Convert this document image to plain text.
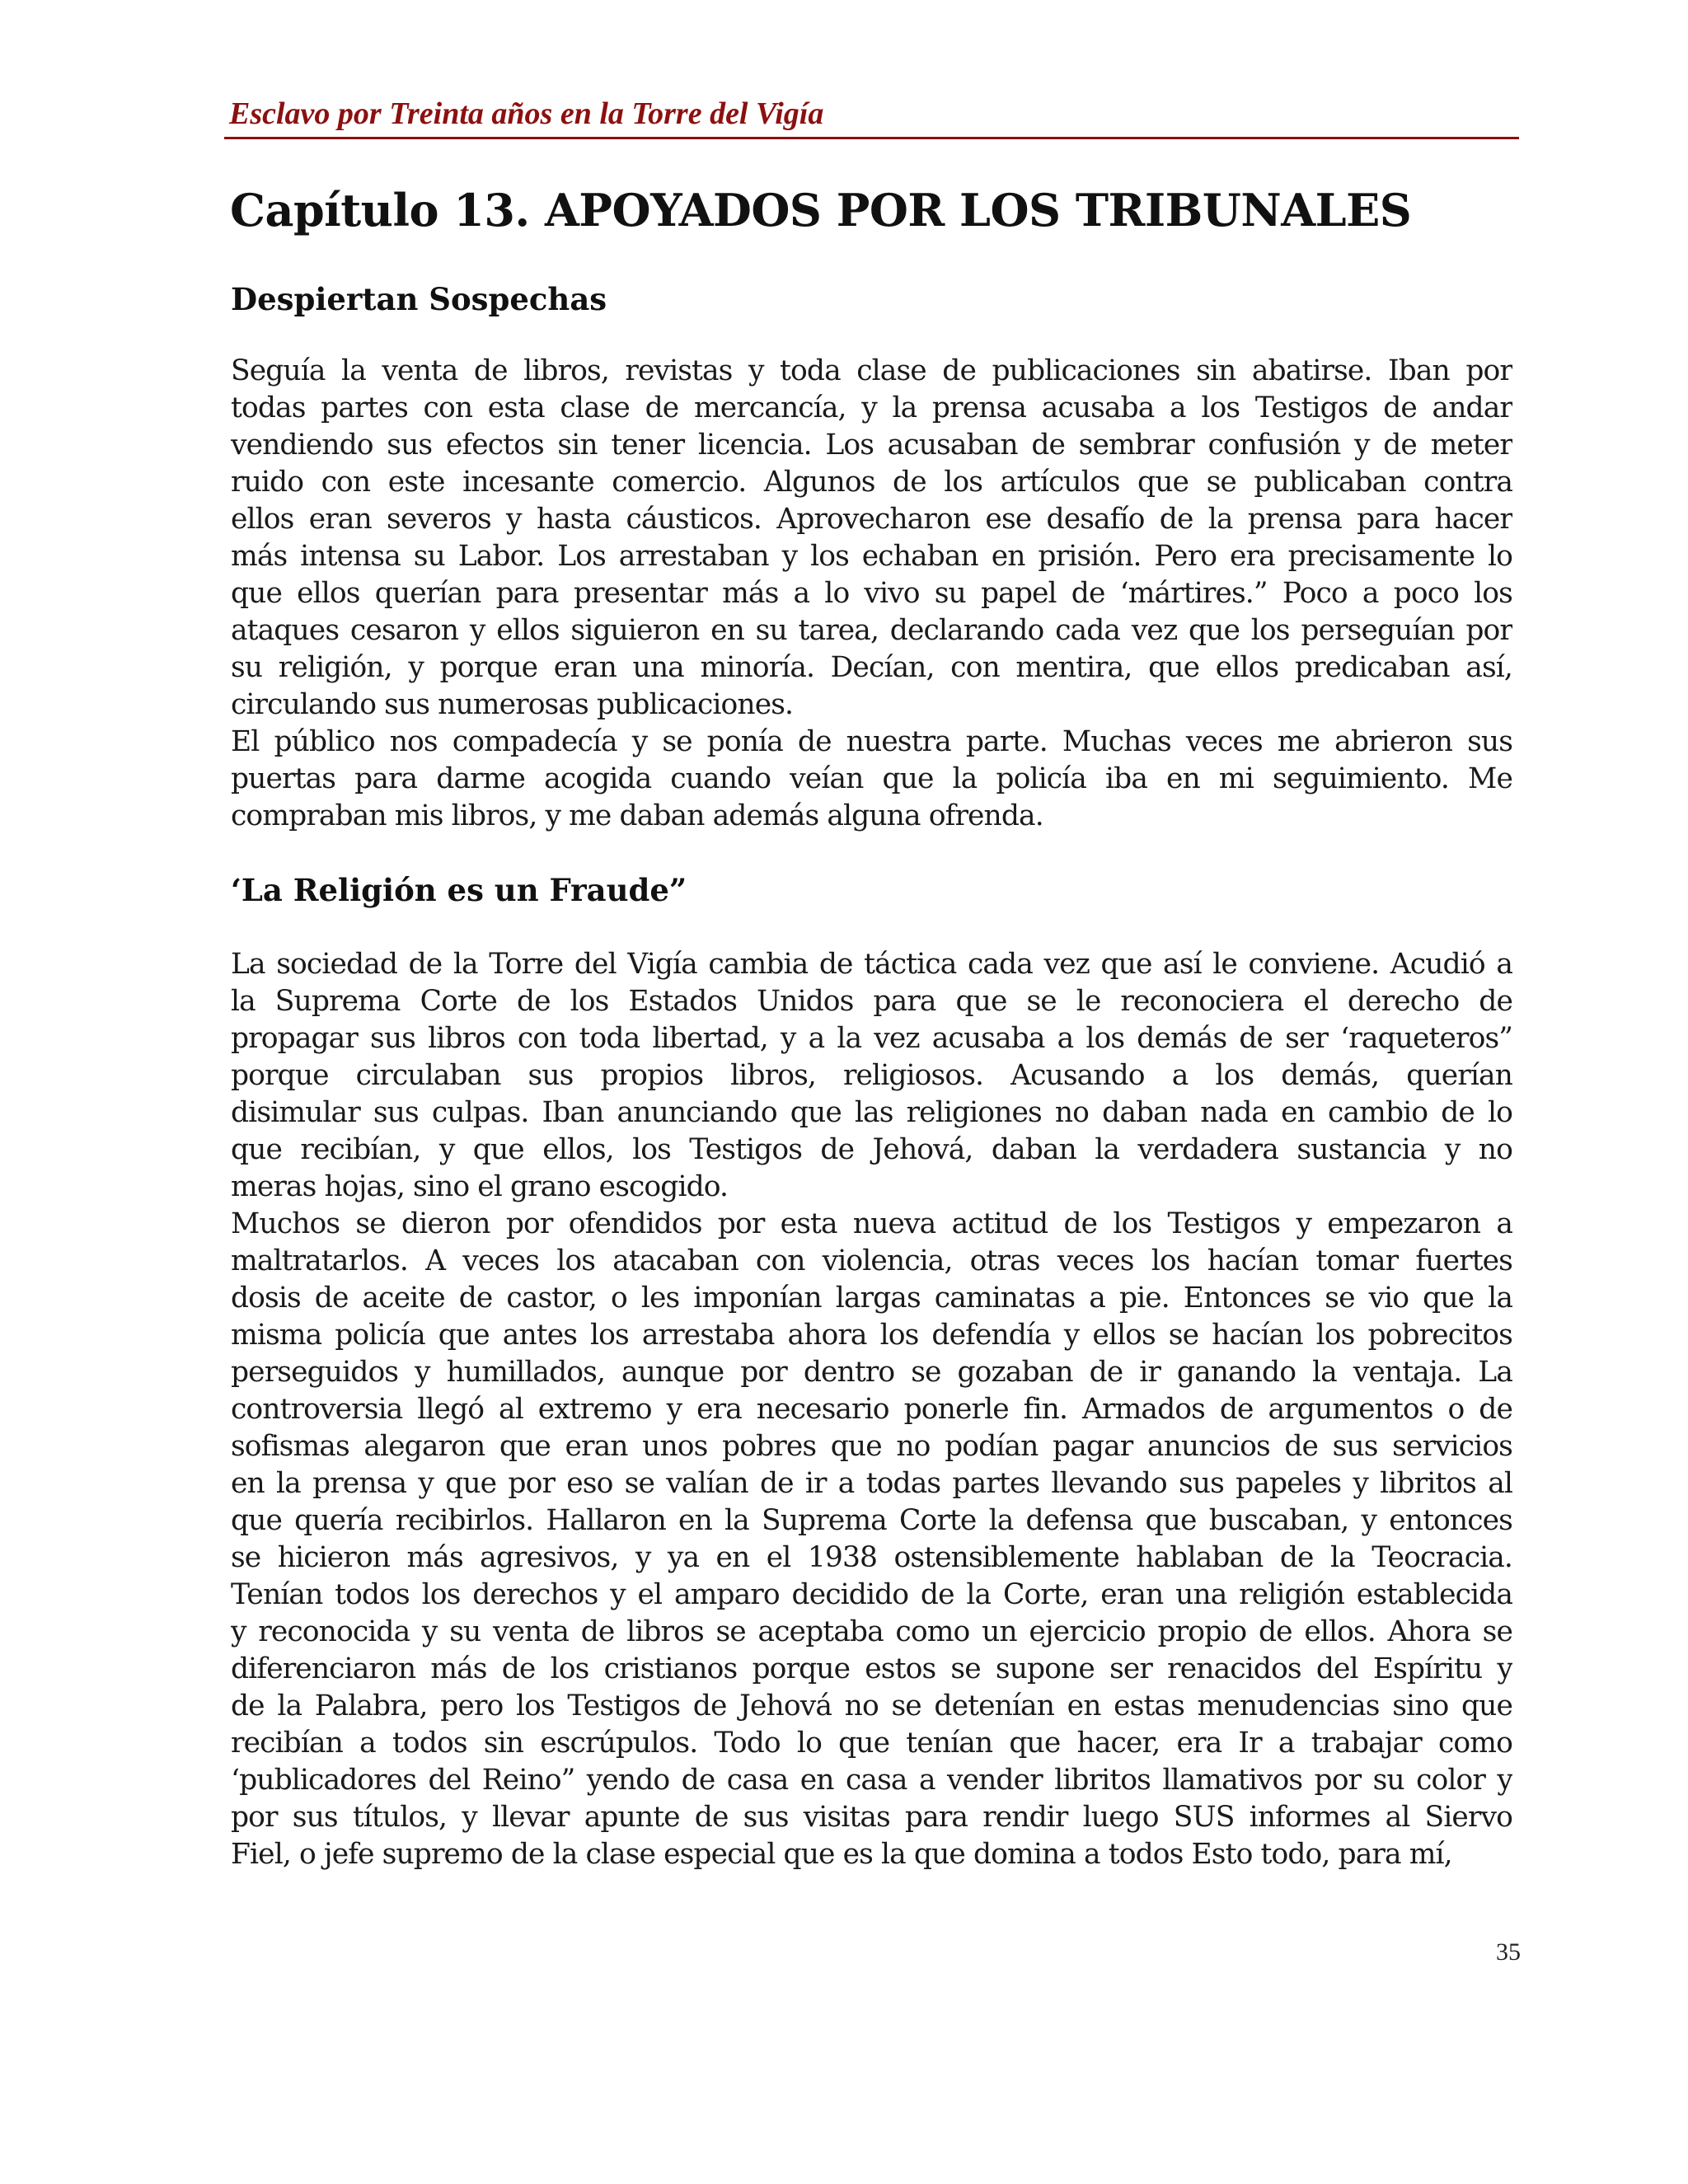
Esclavo por Treinta años en la Torre del Vigía
Capítulo 13. APOYADOS POR LOS TRIBUNALES
Despiertan Sospechas
Seguía la venta de libros, revistas y toda clase de publicaciones sin abatirse. Iban por
todas partes con esta clase de mercancía, y la prensa acusaba a los Testigos de andar
vendiendo sus efectos sin tener licencia. Los acusaban de sembrar confusión y de meter
ruido con este incesante comercio. Algunos de los artículos que se publicaban contra
ellos eran severos y hasta cáusticos. Aprovecharon ese desafío de la prensa para hacer
más intensa su Labor. Los arrestaban y los echaban en prisión. Pero era precisamente lo
que ellos querían para presentar más a lo vivo su papel de ‘mártires.” Poco a poco los
ataques cesaron y ellos siguieron en su tarea, declarando cada vez que los perseguían por
su religión, y porque eran una minoría. Decían, con mentira, que ellos predicaban así,
circulando sus numerosas publicaciones.
El público nos compadecía y se ponía de nuestra parte. Muchas veces me abrieron sus
puertas para darme acogida cuando veían que la policía iba en mi seguimiento. Me
compraban mis libros, y me daban además alguna ofrenda.
‘La Religión es un Fraude”
La sociedad de la Torre del Vigía cambia de táctica cada vez que así le conviene. Acudió a
la Suprema Corte de los Estados Unidos para que se le reconociera el derecho de
propagar sus libros con toda libertad, y a la vez acusaba a los demás de ser ‘raqueteros”
porque circulaban sus propios libros, religiosos. Acusando a los demás, querían
disimular sus culpas. Iban anunciando que las religiones no daban nada en cambio de lo
que recibían, y que ellos, los Testigos de Jehová, daban la verdadera sustancia y no
meras hojas, sino el grano escogido.
Muchos se dieron por ofendidos por esta nueva actitud de los Testigos y empezaron a
maltratarlos. A veces los atacaban con violencia, otras veces los hacían tomar fuertes
dosis de aceite de castor, o les imponían largas caminatas a pie. Entonces se vio que la
misma policía que antes los arrestaba ahora los defendía y ellos se hacían los pobrecitos
perseguidos y humillados, aunque por dentro se gozaban de ir ganando la ventaja. La
controversia llegó al extremo y era necesario ponerle fin. Armados de argumentos o de
sofismas alegaron que eran unos pobres que no podían pagar anuncios de sus servicios
en la prensa y que por eso se valían de ir a todas partes llevando sus papeles y libritos al
que quería recibirlos. Hallaron en la Suprema Corte la defensa que buscaban, y entonces
se hicieron más agresivos, y ya en el 1938 ostensiblemente hablaban de la Teocracia.
Tenían todos los derechos y el amparo decidido de la Corte, eran una religión establecida
y reconocida y su venta de libros se aceptaba como un ejercicio propio de ellos. Ahora se
diferenciaron más de los cristianos porque estos se supone ser renacidos del Espíritu y
de la Palabra, pero los Testigos de Jehová no se detenían en estas menudencias sino que
recibían a todos sin escrúpulos. Todo lo que tenían que hacer, era Ir a trabajar como
‘publicadores del Reino” yendo de casa en casa a vender libritos llamativos por su color y
por sus títulos, y llevar apunte de sus visitas para rendir luego SUS informes al Siervo
Fiel, o jefe supremo de la clase especial que es la que domina a todos Esto todo, para mí,
35
